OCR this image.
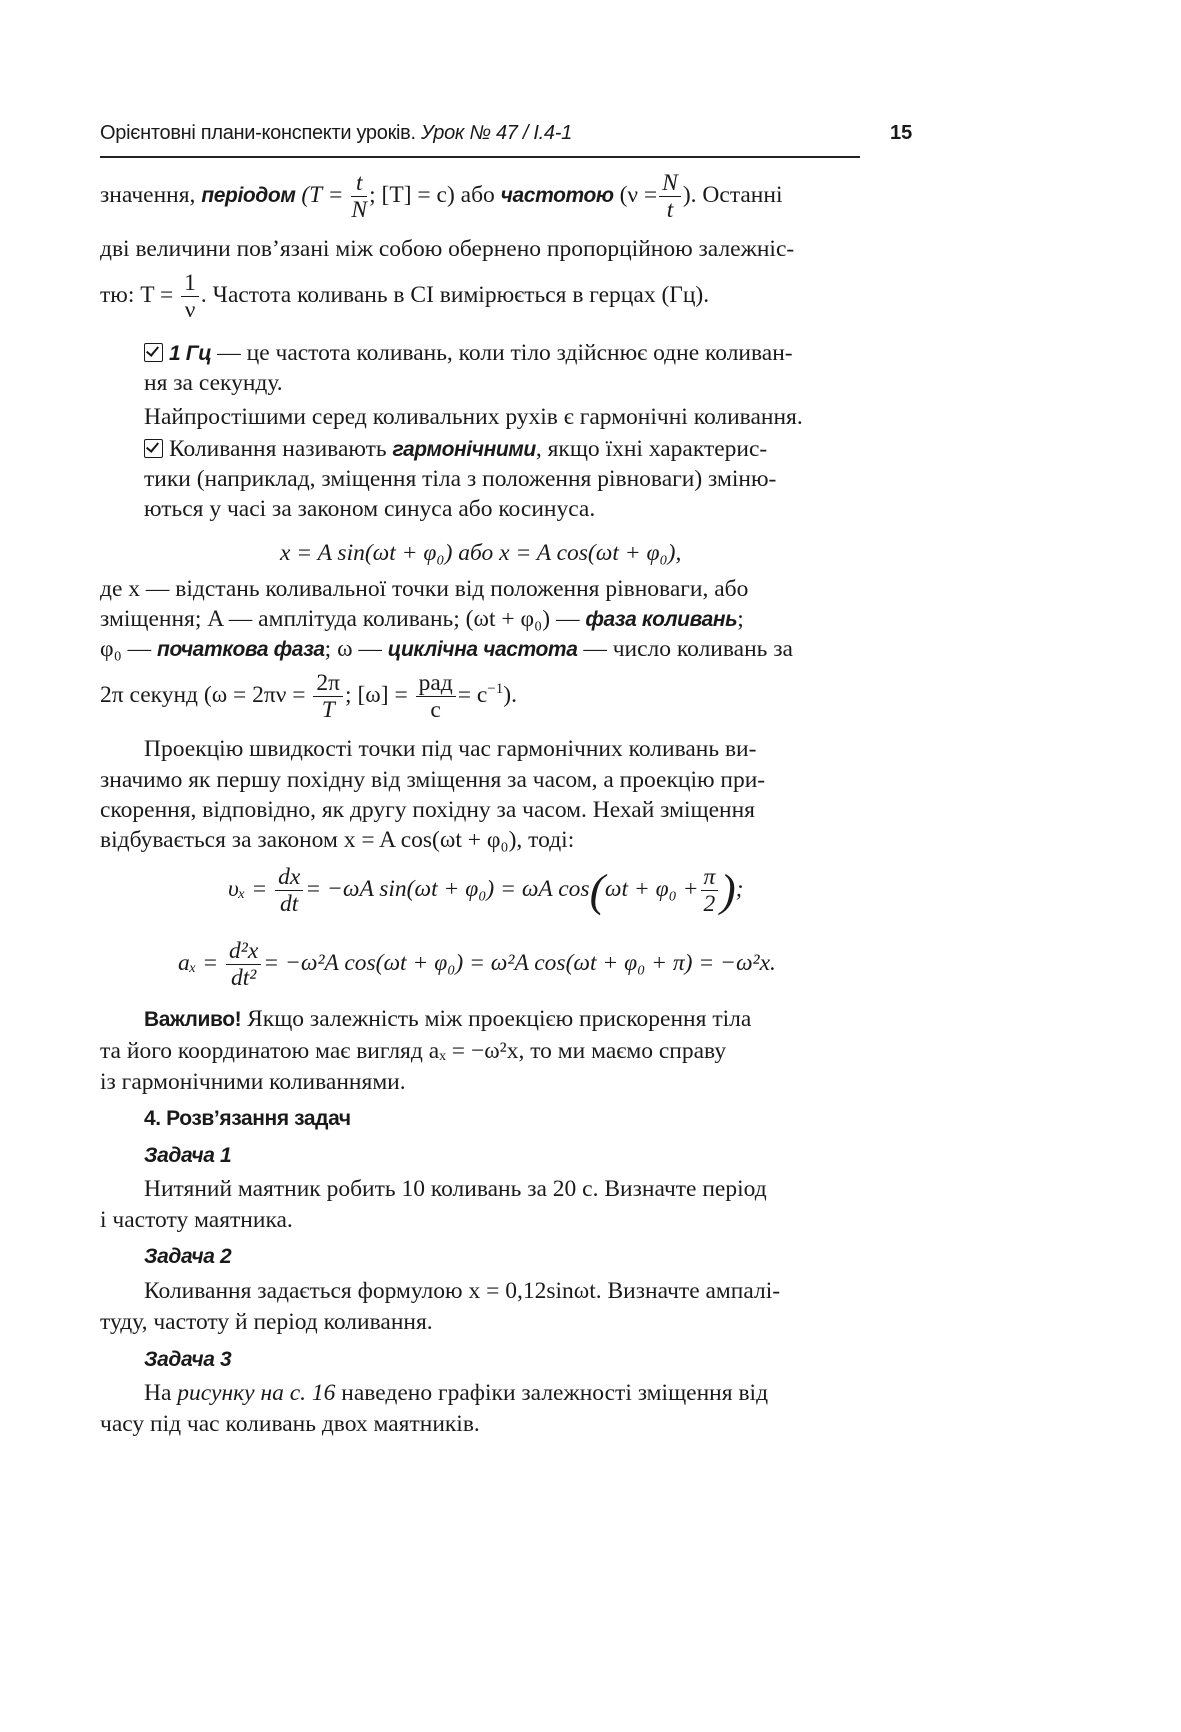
Орієнтовні плани-конспекти уроків. Урок № 47 / І.4-1	15
значення, періодом ($T = \frac{t}{N}$ ; [T] = с) або частотою ($\nu = \frac{N}{t}$ ). Останні
дві величини пов’язані між собою обернено пропорційною залежніс-
тю: $T = \frac{1}{\nu}$ . Частота коливань в СІ вимірюється в герцах (Гц).
1 Гц — це частота коливань, коли тіло здійснює одне коливан-
ня за секунду.
Найпростішими серед коливальних рухів є гармонічні коливання.
Коливання називають гармонічними, якщо їхні характерис-
тики (наприклад, зміщення тіла з положення рівноваги) зміню-
ються у часі за законом синуса або косинуса.
x = A sin(ωt + φ₀) або x = A cos(ωt + φ₀),
де x — відстань коливальної точки від положення рівноваги, або
зміщення; A — амплітуда коливань; (ωt + φ₀) — фаза коливань;
φ₀ — початкова фаза; ω — циклічна частота — число коливань за
2π секунд ($\omega = 2\pi\nu = \frac{2\pi}{T}$ ; $[\omega] = \frac{\text{рад}}{с} = с^{-1}$).
Проекцію швидкості точки під час гармонічних коливань ви-
значимо як першу похідну від зміщення за часом, а проекцію при-
скорення, відповідно, як другу похідну за часом. Нехай зміщення
відбувається за законом x = A cos(ωt + φ₀), тоді:
$\upsilon_x = \frac{dx}{dt} = -\omega A$ sin(ωt + φ₀) = ωA $\cos(\omega t + \varphi_0 + \frac{\pi}{2}$ );
$a_x = \frac{\text{d²x}}{\text{dt²}} = -\omega^2A$ cos(ωt + φ₀) = ω²A cos(ωt + φ₀ + π) = −ω²x.
Важливо! Якщо залежність між проекцією прискорення тіла
та його координатою має вигляд aₓ = −ω²x, то ми маємо справу
із гармонічними коливаннями.
4. Розв’язання задач
Задача 1
Нитяний маятник робить 10 коливань за 20 с. Визначте період
і частоту маятника.
Задача 2
Коливання задається формулою x = 0,12sinωt. Визначте ампалі-
туду, частоту й період коливання.
Задача 3
На рисунку на с. 16 наведено графіки залежності зміщення від
часу під час коливань двох маятників.
